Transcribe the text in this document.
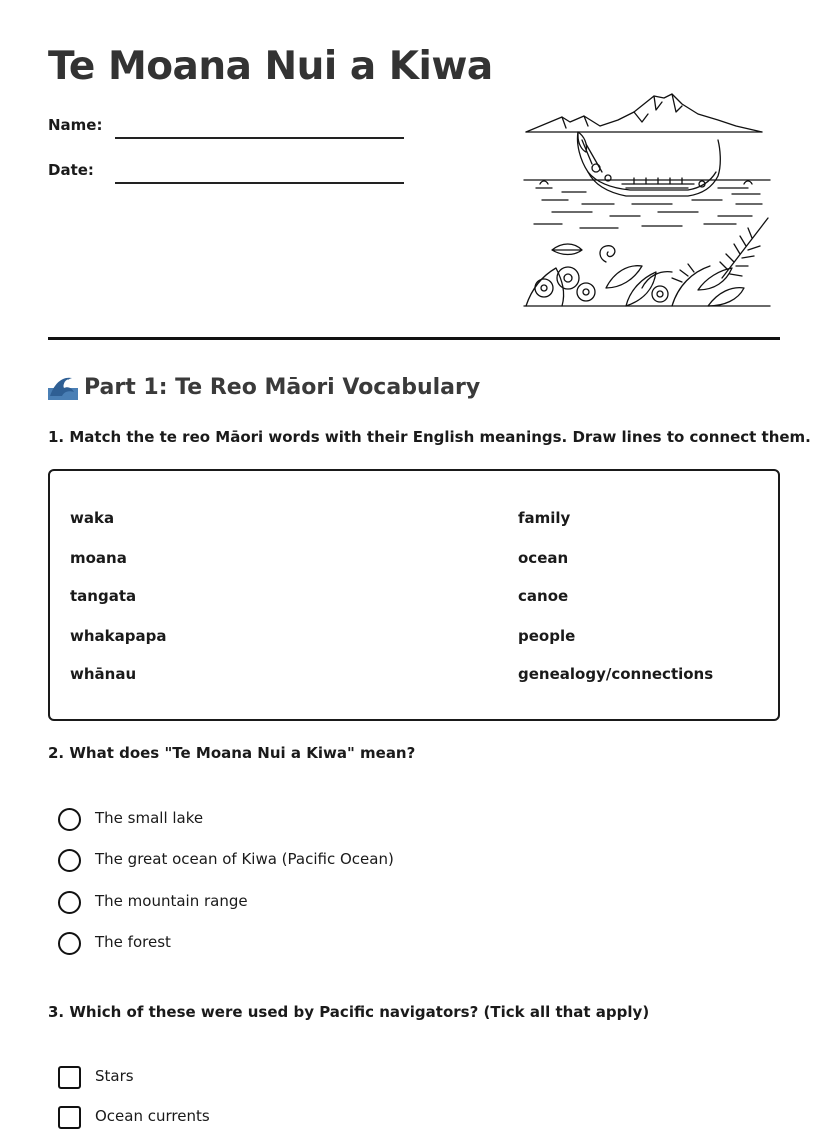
Te Moana Nui a Kiwa
Name:
Date:
Part 1: Te Reo Māori Vocabulary
1. Match the te reo Māori words with their English meanings. Draw lines to connect them.
waka
moana
tangata
whakapapa
whānau
family
ocean
canoe
people
genealogy/connections
2. What does "Te Moana Nui a Kiwa" mean?
The small lake
The great ocean of Kiwa (Pacific Ocean)
The mountain range
The forest
3. Which of these were used by Pacific navigators? (Tick all that apply)
Stars
Ocean currents
